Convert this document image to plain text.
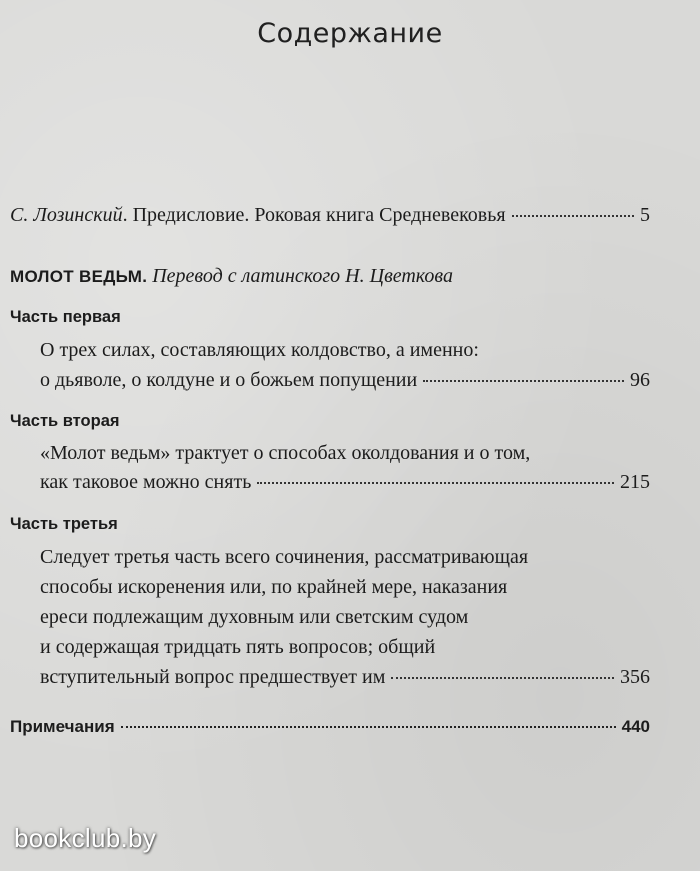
Содержание
С. Лозинский. Предисловие. Роковая книга Средневековья	5
МОЛОТ ВЕДЬМ. Перевод с латинского Н. Цветкова
Часть первая
О трех силах, составляющих колдовство, а именно:
о дьяволе, о колдуне и о божьем попущении	96
Часть вторая
«Молот ведьм» трактует о способах околдования и о том,
как таковое можно снять	215
Часть третья
Следует третья часть всего сочинения, рассматривающая
способы искоренения или, по крайней мере, наказания
ереси подлежащим духовным или светским судом
и содержащая тридцать пять вопросов; общий
вступительный вопрос предшествует им	356
Примечания	440
bookclub.by
